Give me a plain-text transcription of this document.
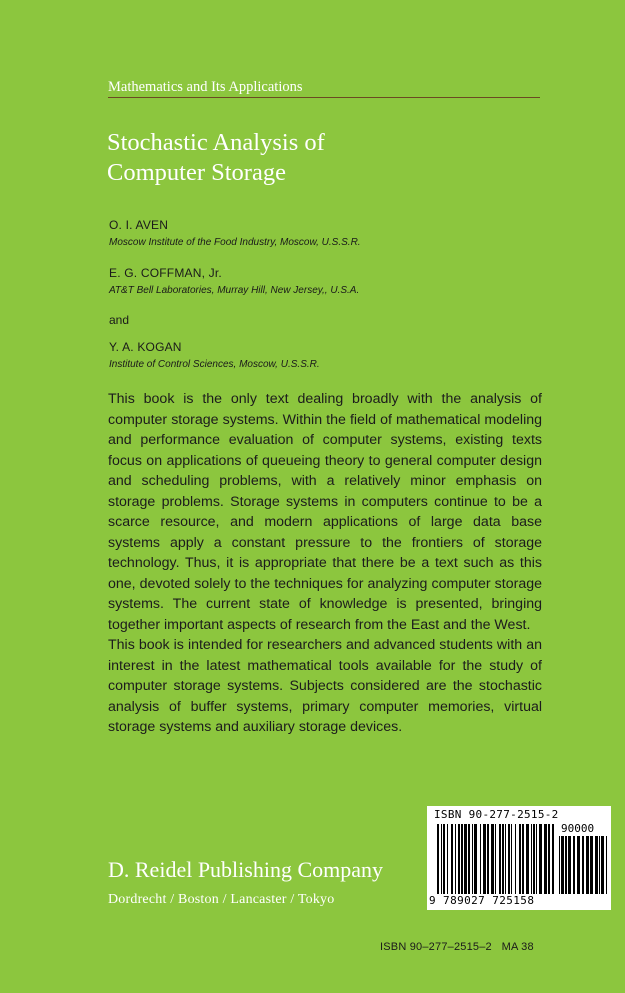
Mathematics and Its Applications
Stochastic Analysis of
Computer Storage
O. I. AVEN
Moscow Institute of the Food Industry, Moscow, U.S.S.R.
E. G. COFFMAN, Jr.
AT&T Bell Laboratories, Murray Hill, New Jersey,, U.S.A.
and
Y. A. KOGAN
Institute of Control Sciences, Moscow, U.S.S.R.

This book is the only text dealing broadly with the analysis of computer storage systems. Within the field of mathematical modeling and performance evaluation of computer systems, existing texts focus on applications of queueing theory to general computer design and scheduling problems, with a relatively minor emphasis on storage problems. Storage systems in computers continue to be a scarce resource, and modern applications of large data base systems apply a constant pressure to the frontiers of storage technology. Thus, it is appropriate that there be a text such as this one, devoted solely to the techniques for analyzing computer storage systems. The current state of knowledge is presented, bringing together important aspects of research from the East and the West.

This book is intended for researchers and advanced students with an interest in the latest mathematical tools available for the study of computer storage systems. Subjects considered are the stochastic analysis of buffer systems, primary computer memories, virtual storage systems and auxiliary storage devices.

D. Reidel Publishing Company
Dordrecht / Boston / Lancaster / Tokyo
ISBN 90-277-2515-2
90000
9 789027 725158
ISBN 90–277–2515–2   MA 38
